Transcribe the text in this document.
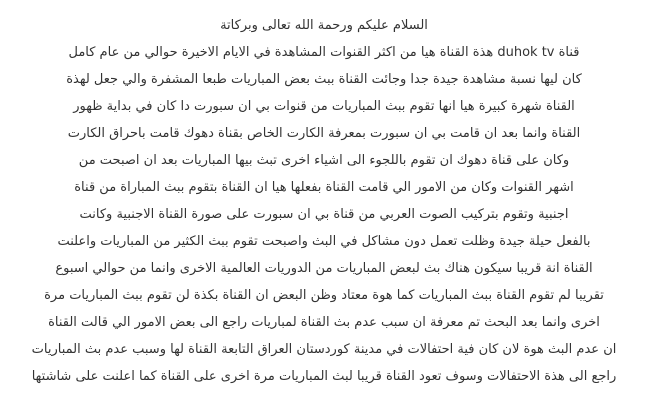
السلام عليكم ورحمة الله تعالى وبركاتة
قناة duhok tv هذة القناة هيا من اكثر القنوات المشاهدة في الايام الاخيرة حوالي من عام كامل
كان ليها نسبة مشاهدة جيدة جدا وجائت القناة ببث بعض المباريات طبعا المشفرة والي جعل لهذة
القناة شهرة كبيرة هيا انها تقوم ببث المباريات من قنوات بي ان سبورت دا كان في بداية ظهور
القناة وانما بعد ان قامت بي ان سبورت بمعرفة الكارت الخاص بقناة دهوك قامت باحراق الكارت
وكان على قناة دهوك ان تقوم باللجوء الى اشياء اخرى تبث بيها المباريات بعد ان اصبحت من
اشهر القنوات وكان من الامور الي قامت القناة بفعلها هيا ان القناة بتقوم ببث المباراة من قناة
اجنبية وتقوم بتركيب الصوت العربي من قناة بي ان سبورت على صورة القناة الاجنبية وكانت
بالفعل حيلة جيدة وظلت تعمل دون مشاكل في البث واصبحت تقوم ببث الكثير من المباريات واعلنت
القناة انة قريبا سيكون هناك بث لبعض المباريات من الدوريات العالمية الاخرى وانما من حوالي اسبوع
تقريبا لم تقوم القناة ببث المباريات كما هوة معتاد وظن البعض ان القناة بكذة لن تقوم ببث المباريات مرة
اخرى وانما بعد البحث تم معرفة ان سبب عدم بث القناة لمباريات راجع الى بعض الامور الي قالت القناة
ان عدم البث هوة لان كان فية احتفالات في مدينة كوردستان العراق التابعة القناة لها وسبب عدم بث المباريات
راجع الى هذة الاحتفالات وسوف تعود القناة قريبا لبث المباريات مرة اخرى على القناة كما اعلنت على شاشتها
